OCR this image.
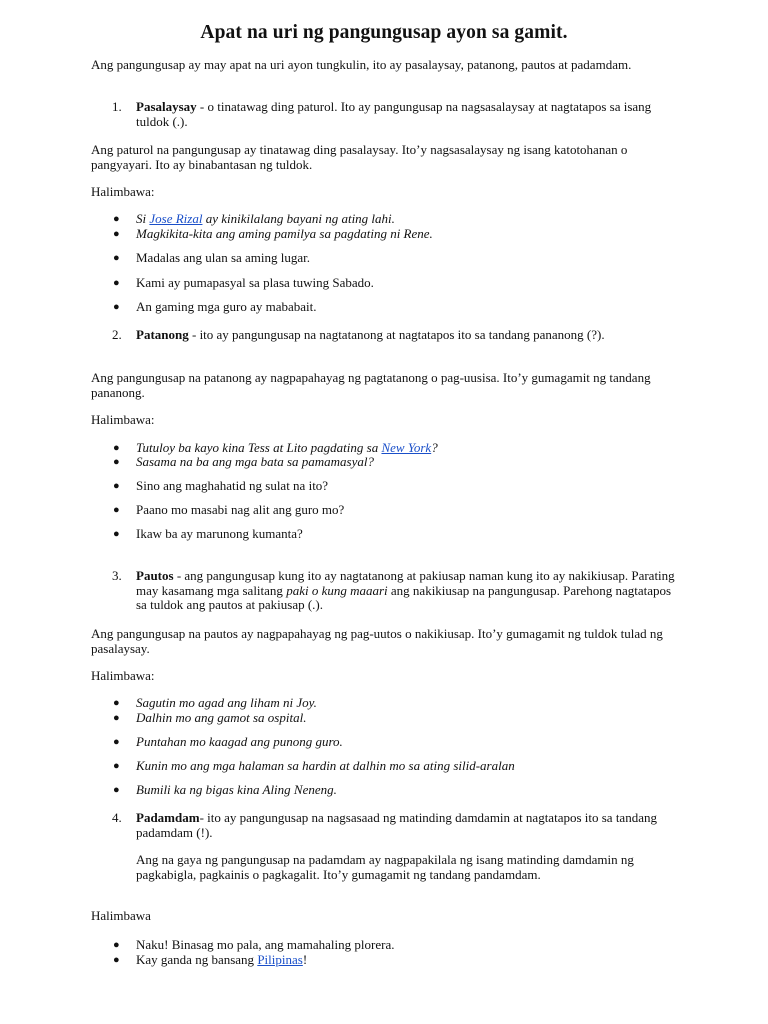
Apat na uri ng pangungusap ayon sa gamit.
Ang pangungusap ay may apat na uri ayon tungkulin, ito ay pasalaysay, patanong, pautos at padamdam.
1. Pasalaysay - o tinatawag ding paturol. Ito ay pangungusap na nagsasalaysay at nagtatapos sa isang tuldok (.).
Ang paturol na pangungusap ay tinatawag ding pasalaysay. Ito’y nagsasalaysay ng isang katotohanan o pangyayari. Ito ay binabantasan ng tuldok.
Halimbawa:
● Si Jose Rizal ay kinikilalang bayani ng ating lahi.
● Magkikita-kita ang aming pamilya sa pagdating ni Rene.
● Madalas ang ulan sa aming lugar.
● Kami ay pumapasyal sa plasa tuwing Sabado.
● An gaming mga guro ay mababait.
2. Patanong - ito ay pangungusap na nagtatanong at nagtatapos ito sa tandang pananong (?).
Ang pangungusap na patanong ay nagpapahayag ng pagtatanong o pag-uusisa. Ito’y gumagamit ng tandang pananong.
Halimbawa:
● Tutuloy ba kayo kina Tess at Lito pagdating sa New York?
● Sasama na ba ang mga bata sa pamamasyal?
● Sino ang maghahatid ng sulat na ito?
● Paano mo masabi nag alit ang guro mo?
● Ikaw ba ay marunong kumanta?
3. Pautos - ang pangungusap kung ito ay nagtatanong at pakiusap naman kung ito ay nakikiusap. Parating may kasamang mga salitang paki o kung maaari ang nakikiusap na pangungusap. Parehong nagtatapos sa tuldok ang pautos at pakiusap (.).
Ang pangungusap na pautos ay nagpapahayag ng pag-uutos o nakikiusap. Ito’y gumagamit ng tuldok tulad ng pasalaysay.
Halimbawa:
● Sagutin mo agad ang liham ni Joy.
● Dalhin mo ang gamot sa ospital.
● Puntahan mo kaagad ang punong guro.
● Kunin mo ang mga halaman sa hardin at dalhin mo sa ating silid-aralan
● Bumili ka ng bigas kina Aling Neneng.
4. Padamdam- ito ay pangungusap na nagsasaad ng matinding damdamin at nagtatapos ito sa tandang padamdam (!).
Ang na gaya ng pangungusap na padamdam ay nagpapakilala ng isang matinding damdamin ng pagkabigla, pagkainis o pagkagalit. Ito’y gumagamit ng tandang pandamdam.
Halimbawa
● Naku! Binasag mo pala, ang mamahaling plorera.
● Kay ganda ng bansang Pilipinas!
